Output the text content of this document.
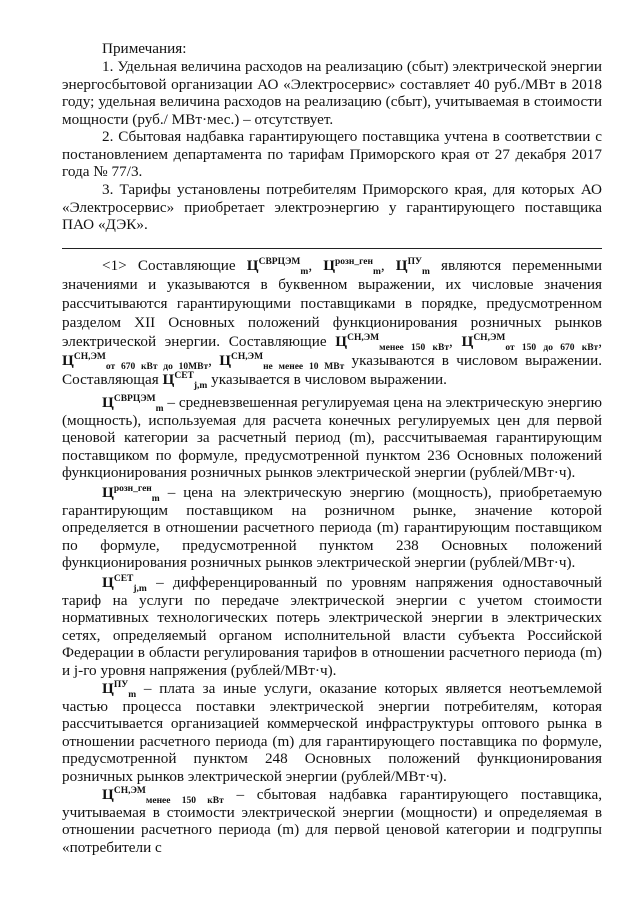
Примечания:

1. Удельная величина расходов на реализацию (сбыт) электрической энергии энергосбытовой организации АО «Электросервис» составляет 40 руб./МВт в 2018 году; удельная величина расходов на реализацию (сбыт), учитываемая в стоимости мощности (руб./ МВт·мес.) – отсутствует.

2. Сбытовая надбавка гарантирующего поставщика учтена в соответствии с постановлением департамента по тарифам Приморского края от 27 декабря 2017 года № 77/3.

3. Тарифы установлены потребителям Приморского края, для которых АО «Электросервис» приобретает электроэнергию у гарантирующего поставщика ПАО «ДЭК».

<1> Составляющие $Ц^{СВРЦЭМ}_m$, $Ц^{розн\_ген}_m$, $Ц^{ПУ}_m$ являются переменными значениями и указываются в буквенном выражении, их числовые значения рассчитываются гарантирующими поставщиками в порядке, предусмотренном разделом XII Основных положений функционирования розничных рынков электрической энергии. Составляющие $Ц^{СН,ЭМ}_{менее 150 кВт}$, $Ц^{СН,ЭМ}_{от 150 до 670 кВт}$, $Ц^{СН,ЭМ}_{от 670 кВт до 10МВт}$, $Ц^{СН,ЭМ}_{не менее 10 МВт}$ указываются в числовом выражении. Составляющая $Ц^{СЕТ}_{j,m}$ указывается в числовом выражении.

$Ц^{СВРЦЭМ}_m$ – средневзвешенная регулируемая цена на электрическую энергию (мощность), используемая для расчета конечных регулируемых цен для первой ценовой категории за расчетный период (m), рассчитываемая гарантирующим поставщиком по формуле, предусмотренной пунктом 236 Основных положений функционирования розничных рынков электрической энергии (рублей/МВт·ч).

$Ц^{розн\_ген}_m$ – цена на электрическую энергию (мощность), приобретаемую гарантирующим поставщиком на розничном рынке, значение которой определяется в отношении расчетного периода (m) гарантирующим поставщиком по формуле, предусмотренной пунктом 238 Основных положений функционирования розничных рынков электрической энергии (рублей/МВт·ч).

$Ц^{СЕТ}_{j,m}$ – дифференцированный по уровням напряжения одноставочный тариф на услуги по передаче электрической энергии с учетом стоимости нормативных технологических потерь электрической энергии в электрических сетях, определяемый органом исполнительной власти субъекта Российской Федерации в области регулирования тарифов в отношении расчетного периода (m) и j-го уровня напряжения (рублей/МВт·ч).

$Ц^{ПУ}_m$ – плата за иные услуги, оказание которых является неотъемлемой частью процесса поставки электрической энергии потребителям, которая рассчитывается организацией коммерческой инфраструктуры оптового рынка в отношении расчетного периода (m) для гарантирующего поставщика по формуле, предусмотренной пунктом 248 Основных положений функционирования розничных рынков электрической энергии (рублей/МВт·ч).

$Ц^{СН,ЭМ}_{менее 150 кВт}$ – сбытовая надбавка гарантирующего поставщика, учитываемая в стоимости электрической энергии (мощности) и определяемая в отношении расчетного периода (m) для первой ценовой категории и подгруппы «потребители с
